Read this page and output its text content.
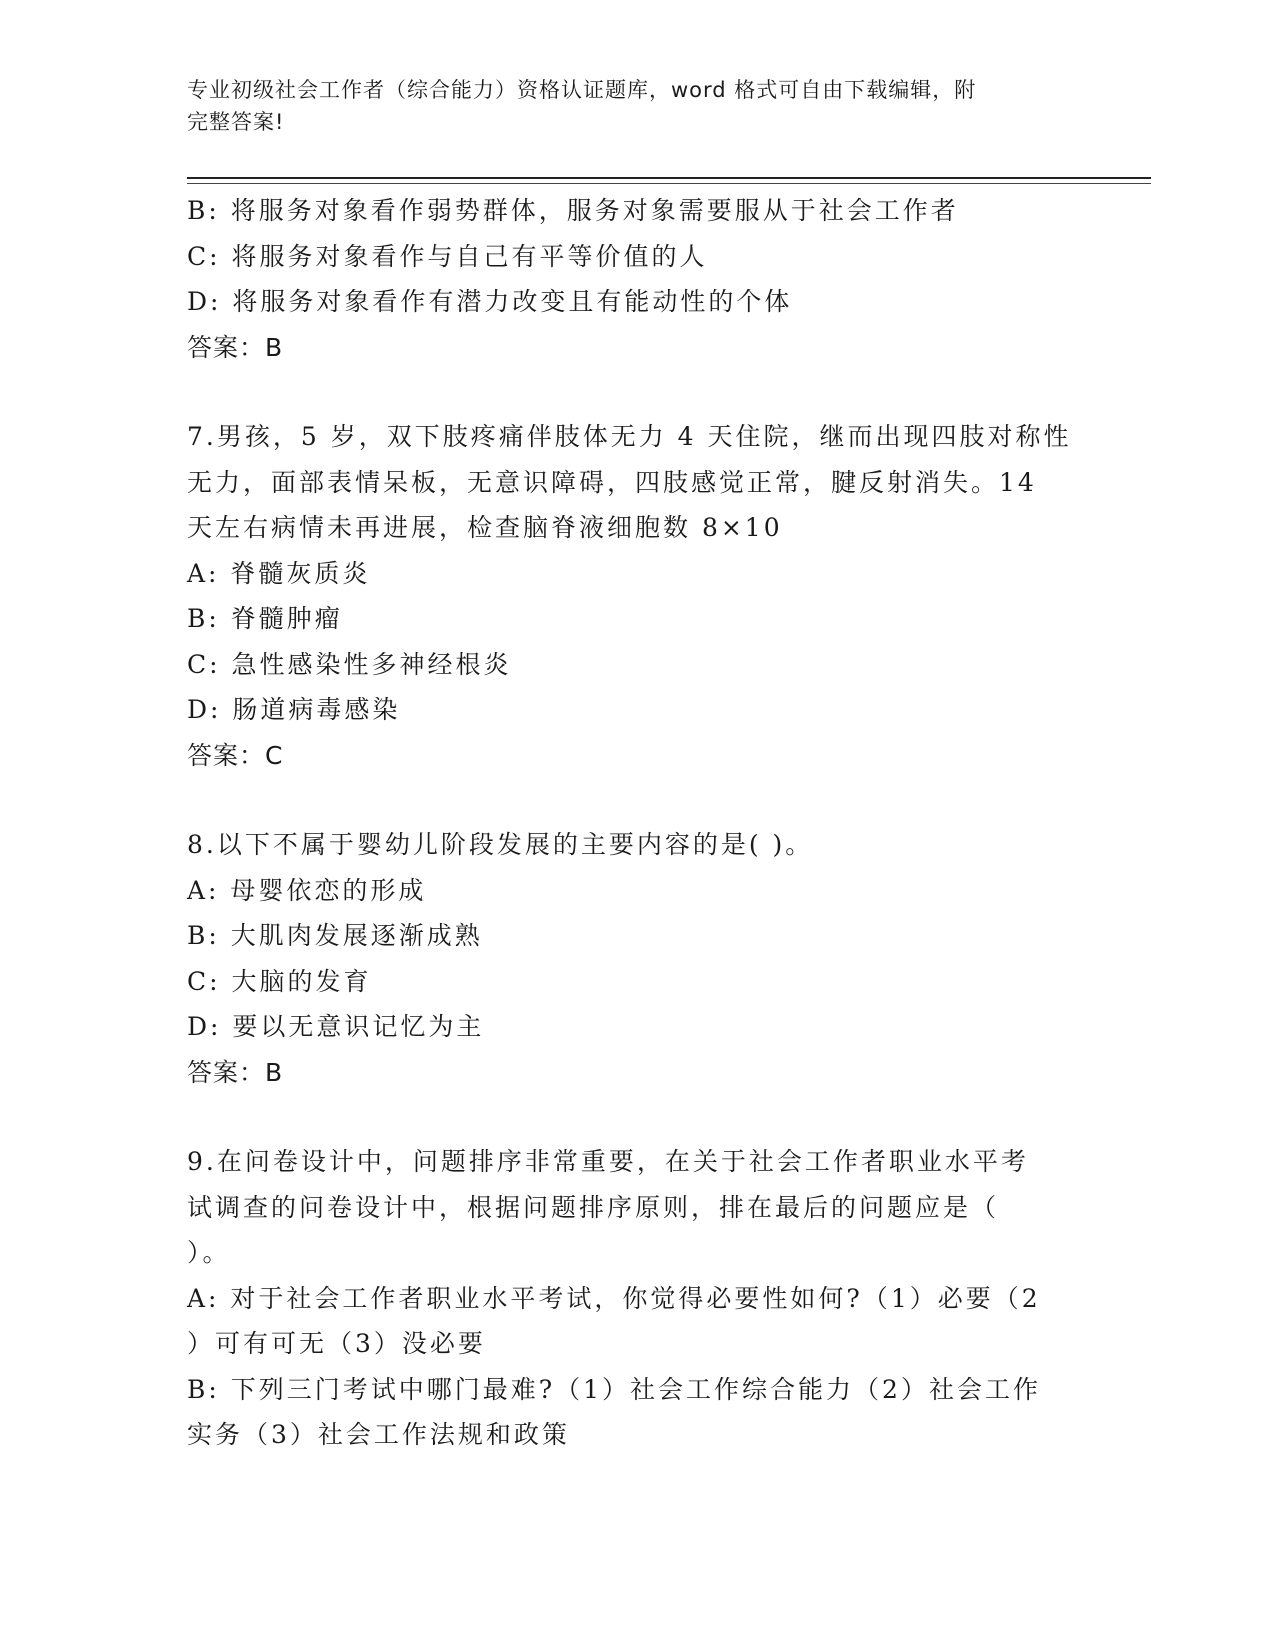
专业初级社会工作者（综合能力）资格认证题库，word 格式可自由下载编辑，附
完整答案!

B: 将服务对象看作弱势群体，服务对象需要服从于社会工作者

C: 将服务对象看作与自己有平等价值的人

D: 将服务对象看作有潜力改变且有能动性的个体

答案：B

7.男孩，5 岁，双下肢疼痛伴肢体无力 4 天住院，继而出现四肢对称性

无力，面部表情呆板，无意识障碍，四肢感觉正常，腱反射消失。14

天左右病情未再进展，检查脑脊液细胞数 8×10

A: 脊髓灰质炎

B: 脊髓肿瘤

C: 急性感染性多神经根炎

D: 肠道病毒感染

答案：C

8.以下不属于婴幼儿阶段发展的主要内容的是( )。

A: 母婴依恋的形成

B: 大肌肉发展逐渐成熟

C: 大脑的发育

D: 要以无意识记忆为主

答案：B

9.在问卷设计中，问题排序非常重要，在关于社会工作者职业水平考

试调查的问卷设计中，根据问题排序原则，排在最后的问题应是（

）。

A: 对于社会工作者职业水平考试，你觉得必要性如何?（1）必要（2

）可有可无（3）没必要

B: 下列三门考试中哪门最难?（1）社会工作综合能力（2）社会工作

实务（3）社会工作法规和政策
